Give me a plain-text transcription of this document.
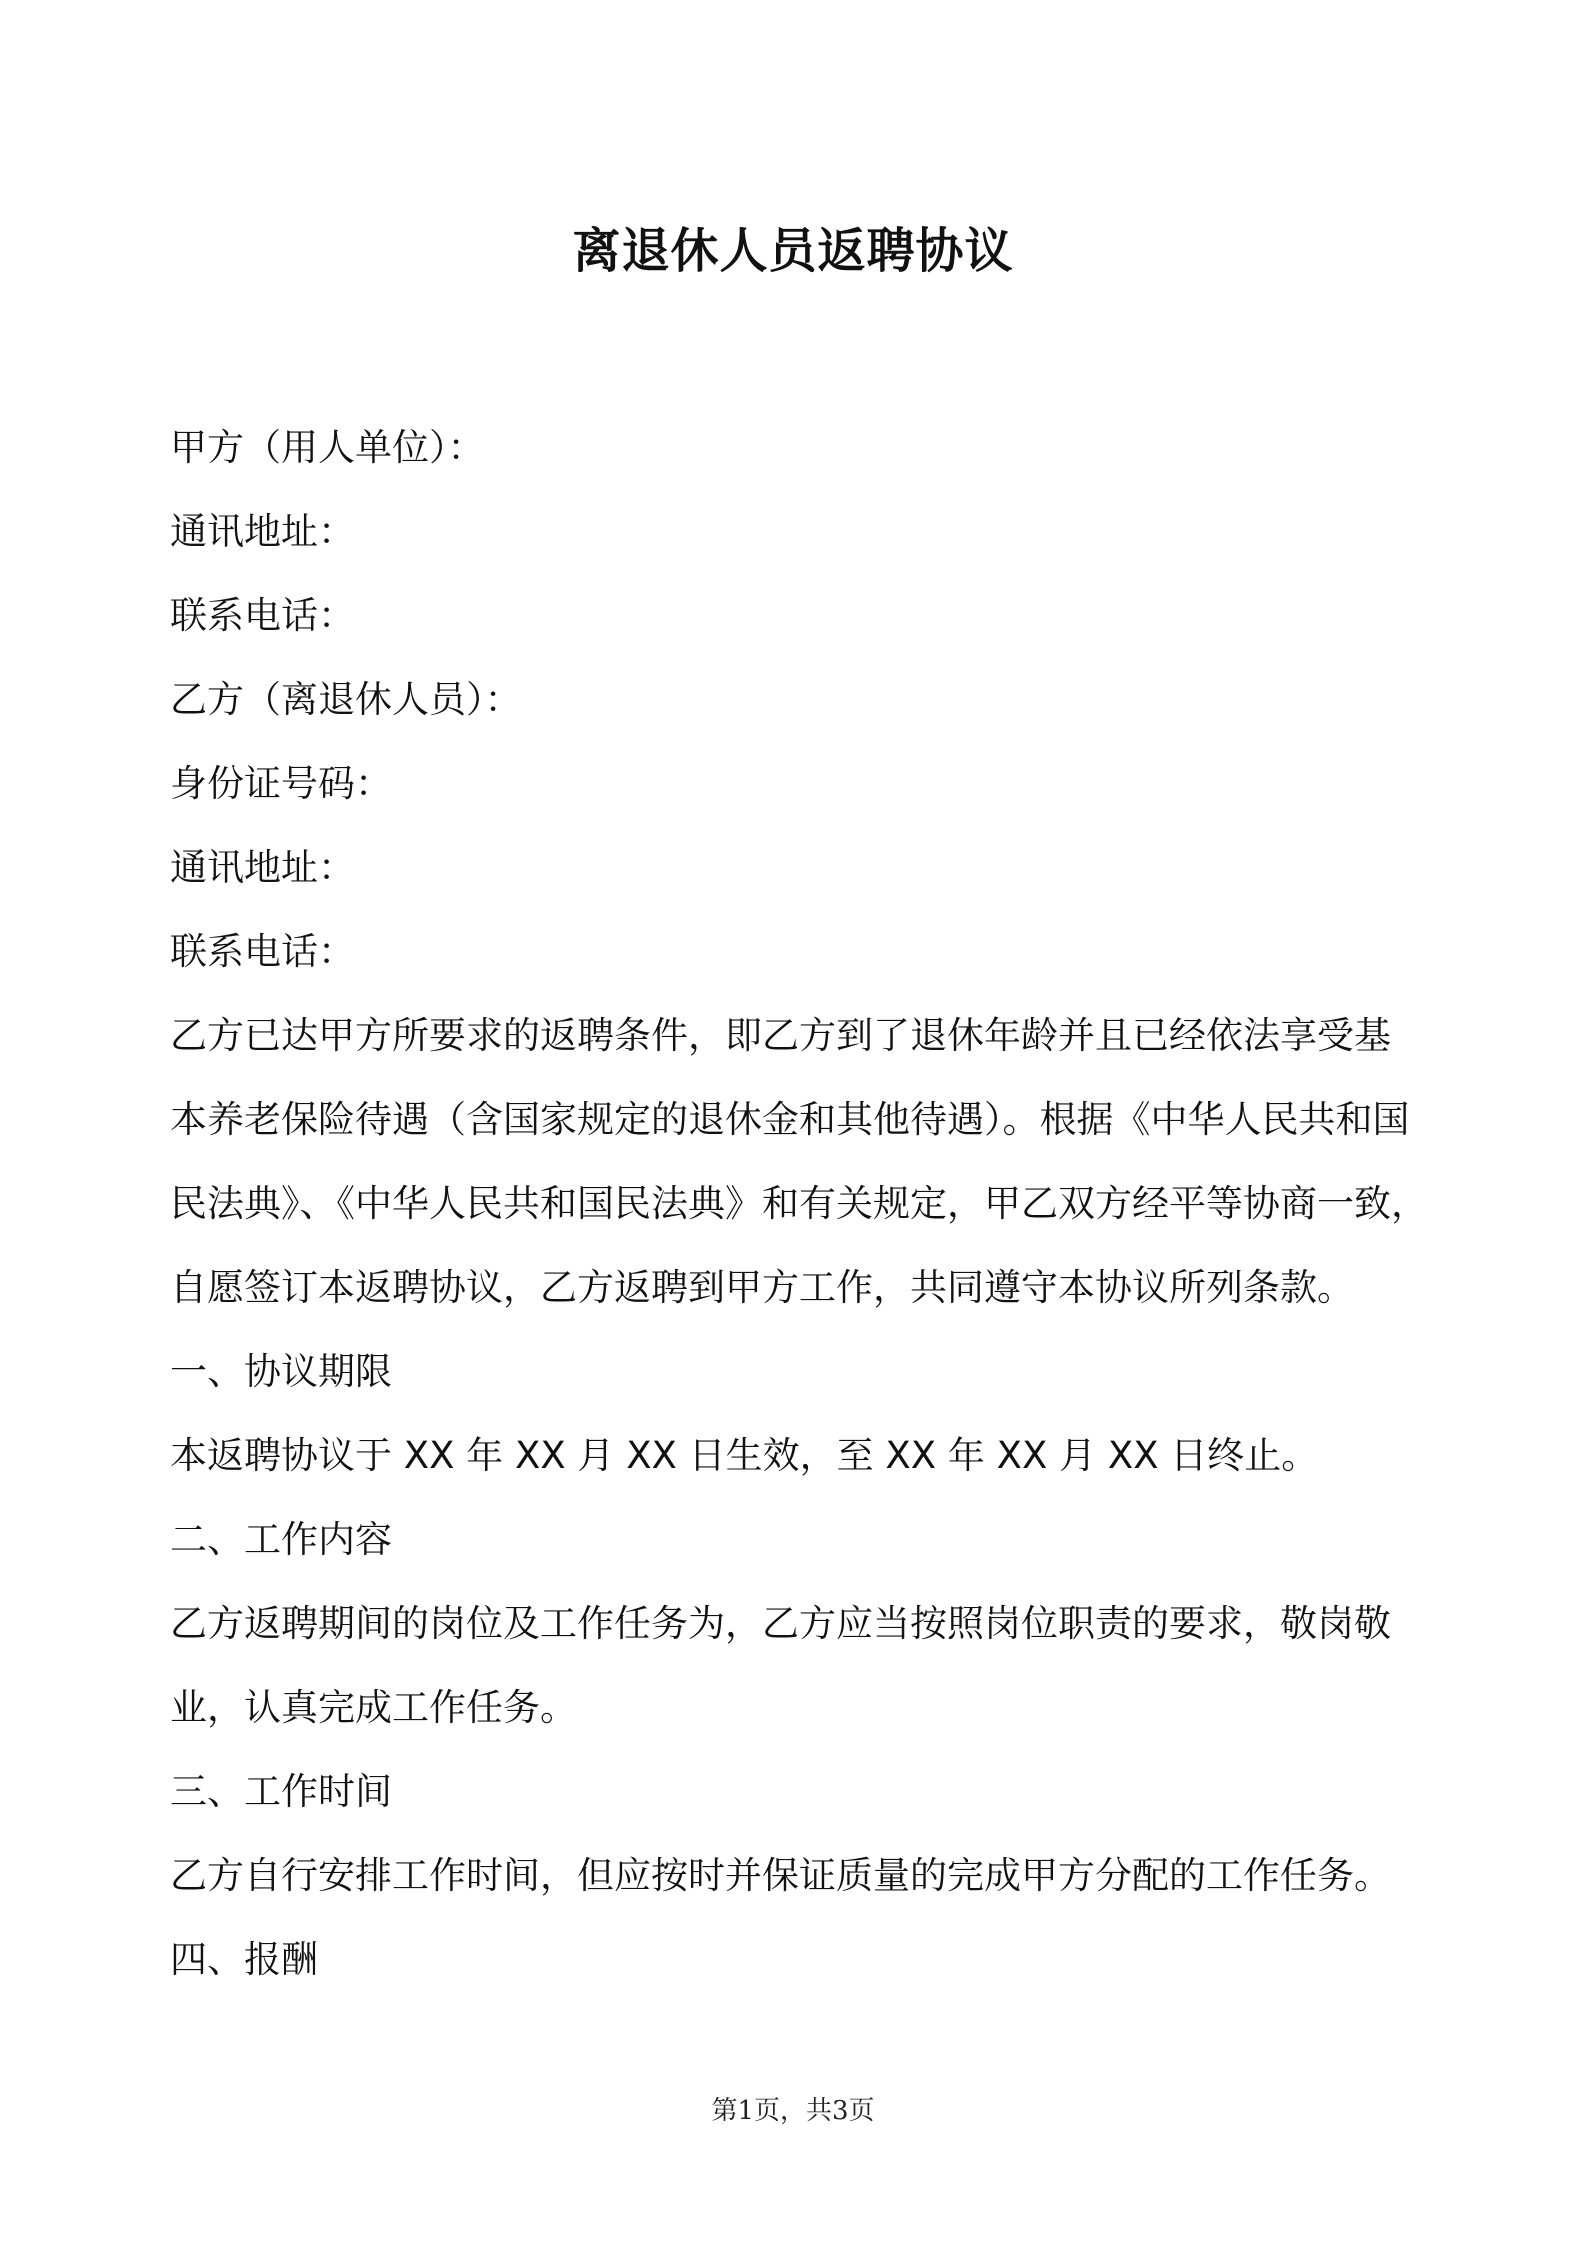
离退休人员返聘协议

甲方（用人单位）：

通讯地址：

联系电话：

乙方（离退休人员）：

身份证号码：

通讯地址：

联系电话：

乙方已达甲方所要求的返聘条件，即乙方到了退休年龄并且已经依法享受基
本养老保险待遇（含国家规定的退休金和其他待遇）。根据《中华人民共和国
民法典》、《中华人民共和国民法典》和有关规定，甲乙双方经平等协商一致，
自愿签订本返聘协议，乙方返聘到甲方工作，共同遵守本协议所列条款。

一、协议期限

本返聘协议于 XX 年 XX 月 XX 日生效，至 XX 年 XX 月 XX 日终止。

二、工作内容

乙方返聘期间的岗位及工作任务为，乙方应当按照岗位职责的要求，敬岗敬
业，认真完成工作任务。

三、工作时间

乙方自行安排工作时间，但应按时并保证质量的完成甲方分配的工作任务。

四、报酬

第1页，共3页
